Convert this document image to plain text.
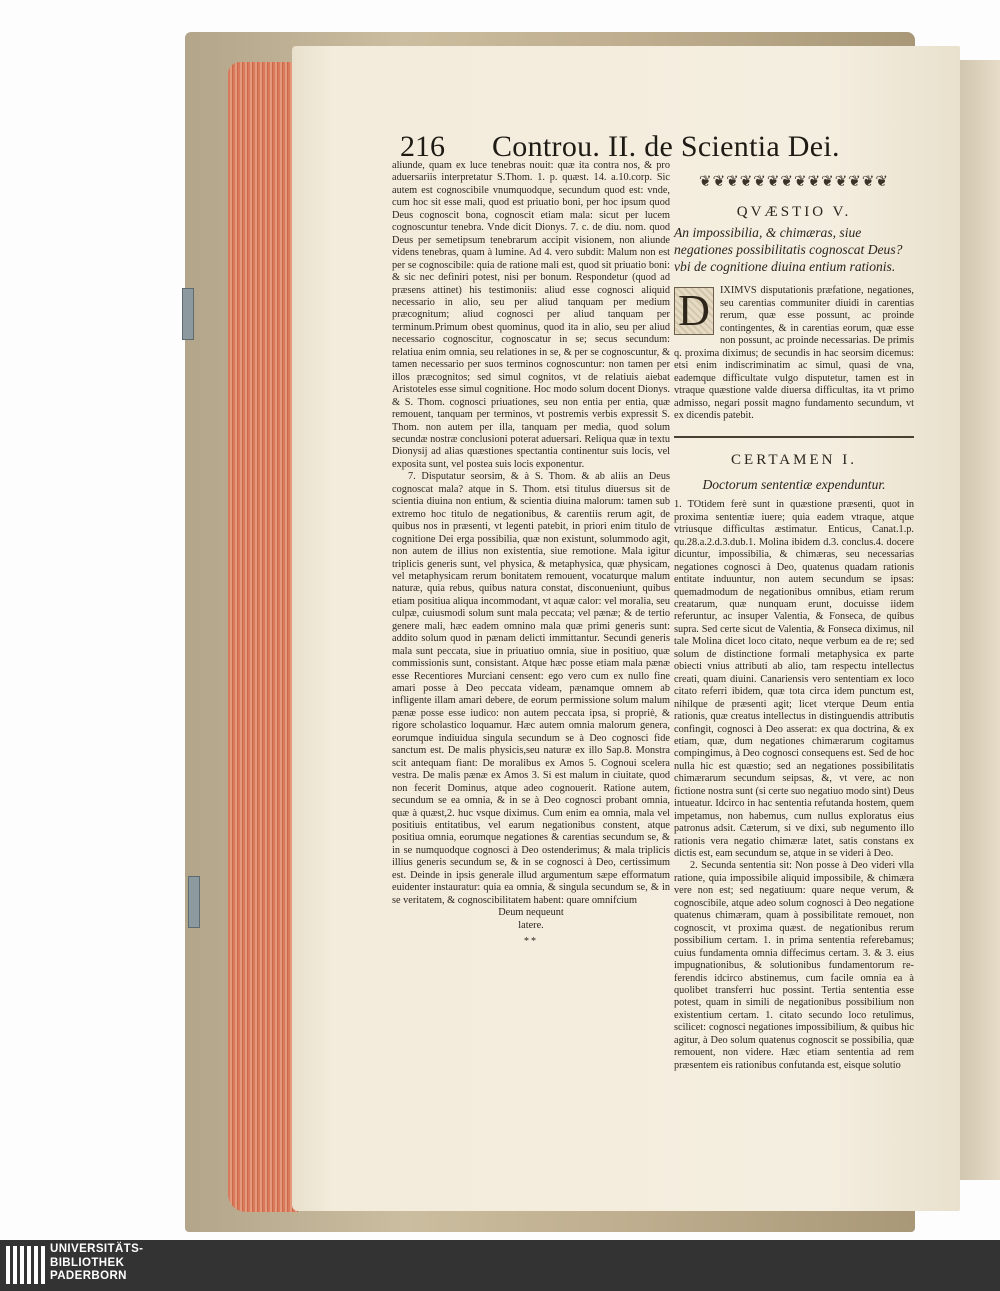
216 Controu. II. de Scientia Dei.

aliunde, quam ex luce tenebras nouit: quæ ita contra nos, & pro aduersariis interpretatur S.Thom. 1. p. quæst. 14. a.10.corp. Sic autem est cognoscibile vnumquodque, secundum quod est: vnde, cum hoc sit esse mali, quod est priuatio boni, per hoc ipsum quod Deus cognoscit bona, cognoscit etiam mala: sicut per lucem cognoscuntur tenebra. Vnde dicit Dionys. 7. c. de diu. nom. quod Deus per semetipsum tenebrarum accipit visionem, non aliunde videns tenebras, quam à lumine. Ad 4. vero subdit: Malum non est per se cognoscibile: quia de ratione mali est, quod sit priuatio boni: & sic nec definiri potest, nisi per bonum. Respondetur (quod ad præsens attinet) his testimoniis: aliud esse cognosci aliquid necessario in alio, seu per aliud tanquam per medium præcognitum; aliud cognosci per aliud tanquam per terminum.Primum obest quominus, quod ita in alio, seu per aliud necessario cognoscitur, cognoscatur in se; secus secundum: relatiua enim omnia, seu relationes in se, & per se cognoscuntur, & tamen necessario per suos terminos cognoscuntur: non tamen per illos præcognitos; sed simul cognitos, vt de relatiuis aiebat Aristoteles esse simul cognitione. Hoc modo solum docent Dionys. & S. Thom. cognosci priuationes, seu non entia per entia, quæ remouent, tanquam per terminos, vt postremis verbis expressit S. Thom. non autem per illa, tanquam per media, quod solum secundæ nostræ conclusioni poterat aduersari. Reliqua quæ in textu Dionysij ad alias quæstiones spectantia continentur suis locis, vel exposita sunt, vel postea suis locis exponentur.

7. Disputatur seorsim, & à S. Thom. & ab aliis an Deus cognoscat mala? atque in S. Thom. etsi titulus diuersus sit de scientia diuina non entium, & scientia diuina malorum: tamen sub extremo hoc titulo de negationibus, & carentiis rerum agit, de quibus nos in præsenti, vt legenti patebit, in priori enim titulo de cognitione Dei erga possibilia, quæ non existunt, solummodo agit, non autem de illius non existentia, siue remotione. Mala igitur triplicis generis sunt, vel physica, & metaphysica, quæ physicam, vel metaphysicam rerum bonitatem remouent, vocaturque malum naturæ, quia rebus, quibus natura constat, disconueniunt, quibus etiam positiua aliqua incommodant, vt aquæ calor: vel moralia, seu culpæ, cuiusmodi solum sunt mala peccata; vel pænæ; & de tertio genere mali, hæc eadem omnino mala quæ primi generis sunt: addito solum quod in pænam delicti immittantur. Secundi generis mala sunt peccata, siue in priuatiuo omnia, siue in positiuo, quæ commissionis sunt, consistant. Atque hæc posse etiam mala pænæ esse Recentiores Murciani censent: ego vero cum ex nullo fine amari posse à Deo peccata videam, pænamque omnem ab infligente illam amari debere, de eorum permissione solum malum pænæ posse esse iudico: non autem peccata ipsa, si propriè, & rigore scholastico loquamur. Hæc autem omnia malorum genera, eorumque indiuidua singula secundum se à Deo cognosci fide sanctum est. De malis physicis,seu naturæ ex illo Sap.8. Monstra scit antequam fiant: De moralibus ex Amos 5. Cognoui scelera vestra. De malis pænæ ex Amos 3. Si est malum in ciuitate, quod non fecerit Dominus, atque adeo cognouerit. Ratione autem, secundum se ea omnia, & in se à Deo cognosci probant omnia, quæ à quæst,2. huc vsque diximus. Cum enim ea omnia, mala vel positiuis entitatibus, vel earum negationibus constent, atque positiua omnia, eorumque negationes & carentias secundum se, & in se numquodque cognosci à Deo ostenderimus; & mala triplicis illius generis secundum se, & in se cognosci à Deo, certissimum est. Deinde in ipsis generale illud argumentum sæpe efformatum euidenter instauratur: quia ea omnia, & singula secundum se, & in se veritatem, & cognoscibilitatem habent: quare omnifcium

Deum nequeunt
latere.
**
❦❦❦❦❦❦❦❦❦❦❦❦❦❦
QVÆSTIO V.

An impossibilia, & chimæras, siue negationes possibilitatis cognoscat Deus? vbi de cognitione diuina entium rationis.

D IXIMVS disputationis præfatione, negationes, seu carentias communiter diuidi in carentias rerum, quæ esse possunt, ac proinde contingentes, & in carentias eorum, quæ esse non possunt, ac proinde necessarias. De primis q. proxima diximus; de secundis in hac seorsim dicemus: etsi enim indiscriminatim ac simul, quasi de vna, eademque difficultate vulgo disputetur, tamen est in vtraque quæstione valde diuersa difficultas, ita vt primo admisso, negari possit magno fundamento secundum, vt ex dicendis patebit.

CERTAMEN I.
Doctorum sententiæ expenduntur.

1. TOtidem ferè sunt in quæstione præsenti, quot in proxima sententiæ iuere; quia eadem vtraque, atque vtriusque difficultas æstimatur. Enticus, Canat.1.p. qu.28.a.2.d.3.dub.1. Molina ibidem d.3. conclus.4. docere dicuntur, impossibilia, & chimæras, seu necessarias negationes cognosci à Deo, quatenus quadam rationis entitate induuntur, non autem secundum se ipsas: quemadmodum de negationibus omnibus, etiam rerum creatarum, quæ nunquam erunt, docuisse iidem referuntur, ac insuper Valentia, & Fonseca, de quibus supra. Sed certe sicut de Valentia, & Fonseca diximus, nil tale Molina dicet loco citato, neque verbum ea de re; sed solum de distinctione formali metaphysica ex parte obiecti vnius attributi ab alio, tam respectu intellectus creati, quam diuini. Canariensis vero sententiam ex loco citato referri ibidem, quæ tota circa idem punctum est, nihilque de præsenti agit; licet vterque Deum entia rationis, quæ creatus intellectus in distinguendis attributis confingit, cognosci à Deo asserat: ex qua doctrina, & ex etiam, quæ, dum negationes chimærarum cogitamus compingimus, à Deo cognosci consequens est. Sed de hoc nulla hic est quæstio; sed an negationes possibilitatis chimærarum secundum seipsas, &, vt vere, ac non fictione nostra sunt (si certe suo negatiuo modo sint) Deus intueatur. Idcirco in hac sententia refutanda hostem, quem impetamus, non habemus, cum nullus exploratus eius patronus adsit. Cæterum, si ve dixi, sub negumento illo rationis vera negatio chimæræ latet, satis constans ex dictis est, eam secundum se, atque in se videri à Deo.

2. Secunda sententia sit: Non posse à Deo videri vlla ratione, quia impossibile aliquid impossibile, & chimæra vere non est; sed negatiuum: quare neque verum, & cognoscibile, atque adeo solum cognosci à Deo negatione quatenus chimæram, quam à possibilitate remouet, non cognoscit, vt proxima quæst. de negationibus rerum possibilium certam. 1. in prima sententia referebamus; cuius fundamenta omnia diffecimus certam. 3. & 3. eius impugnationibus, & solutionibus fundamentorum re-ferendis idcirco abstinemus, cum facile omnia ea à quolibet transferri huc possint. Tertia sententia esse potest, quam in simili de negationibus possibilium non existentium certam. 1. citato secundo loco retulimus, scilicet: cognosci negationes impossibilium, & quibus hic agitur, à Deo solum quatenus cognoscit se possibilia, quæ remouent, non videre. Hæc etiam sententia ad rem præsentem eis rationibus confutanda est, eisque solutio

UNIVERSITÄTS-
BIBLIOTHEK
PADERBORN
